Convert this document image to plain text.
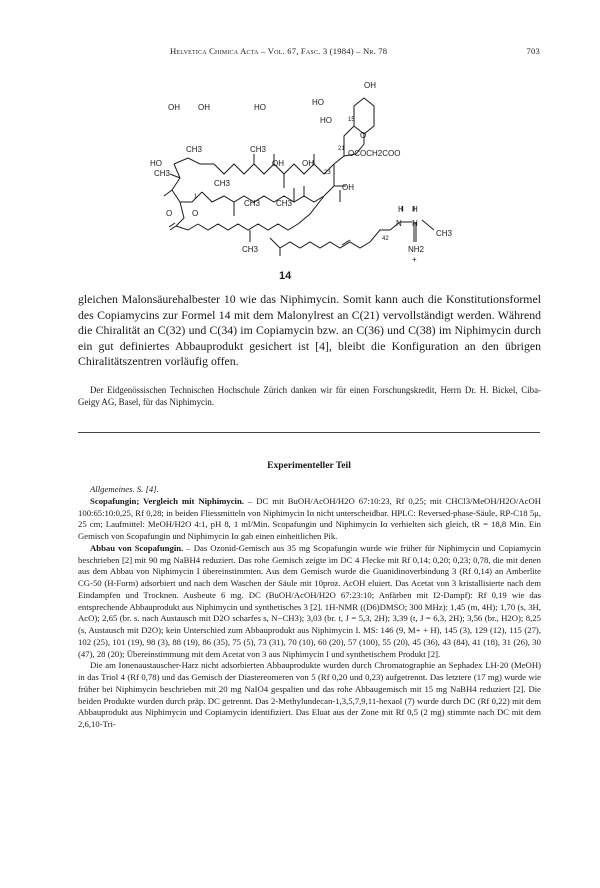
Helvetica Chimica Acta – Vol. 67, Fasc. 3 (1984) – Nr. 78	703
OH
HO
HO	15
O
OH OH	HO
CH3	CH3	21 OCOCH2COO
HO
CH3
OH OH
23
OH
CH3
1
O O
CH3 CH3
H H
N N
CH3
42
CH3	NH2
+
14

gleichen Malonsäurehalbester 10 wie das Niphimycin. Somit kann auch die Konstitutionsformel des Copiamycins zur Formel 14 mit dem Malonylrest an C(21) vervollständigt werden. Während die Chiralität an C(32) und C(34) im Copiamycin bzw. an C(36) und C(38) im Niphimycin durch ein gut definiertes Abbauprodukt gesichert ist [4], bleibt die Konfiguration an den übrigen Chiralitätszentren vorläufig offen.

Der Eidgenössischen Technischen Hochschule Zürich danken wir für einen Forschungskredit, Herrn Dr. H. Bickel, Ciba-Geigy AG, Basel, für das Niphimycin.

Experimenteller Teil

Allgemeines. S. [4].

Scopafungin; Vergleich mit Niphimycin. – DC mit BuOH/AcOH/H2O 67:10:23, Rf 0,25; mit CHCl3/MeOH/H2O/AcOH 100:65:10:0,25, Rf 0,28; in beiden Fliessmitteln von Niphimycin Iα nicht unterscheidbar. HPLC: Reversed-phase-Säule, RP-C18 5μ, 25 cm; Laufmittel: MeOH/H2O 4:1, pH 8, 1 ml/Min. Scopafungin und Niphimycin Iα verhielten sich gleich, tR = 18,8 Min. Ein Gemisch von Scopafungin und Niphimycin Iα gab einen einheitlichen Pik.

Abbau von Scopafungin. – Das Ozonid-Gemisch aus 35 mg Scopafungin wurde wie früher für Niphimycin und Copiamycin beschrieben [2] mit 90 mg NaBH4 reduziert. Das rohe Gemisch zeigte im DC 4 Flecke mit Rf 0,14; 0,20; 0,23; 0,78, die mit denen aus dem Abbau von Niphimycin I übereinstimmten. Aus dem Gemisch wurde die Guanidinoverbindung 3 (Rf 0,14) an Amberlite CG-50 (H-Form) adsorbiert und nach dem Waschen der Säule mit 10proz. AcOH eluiert. Das Acetat von 3 kristallisierte nach dem Eindampfen und Trocknen. Ausbeute 6 mg. DC (BuOH/AcOH/H2O 67:23:10; Anfärben mit I2-Dampf): Rf 0,19 wie das entsprechende Abbauprodukt aus Niphimycin und synthetisches 3 [2]. 1H-NMR ((D6)DMSO; 300 MHz): 1,45 (m, 4H); 1,70 (s, 3H, AcO); 2,65 (br. s. nach Austausch mit D2O scharfes s, N−CH3); 3,03 (br. t, J = 5,3, 2H); 3,39 (t, J = 6,3, 2H); 3,56 (br., H2O); 8,25 (s, Austausch mit D2O); kein Unterschied zum Abbauprodukt aus Niphimycin I. MS: 146 (9, M+ + H), 145 (3), 129 (12), 115 (27), 102 (25), 101 (19), 98 (3), 88 (19), 86 (35), 75 (5), 73 (31), 70 (10), 60 (20), 57 (100), 55 (20), 45 (36), 43 (84), 41 (18), 31 (26), 30 (47), 28 (20); Übereinstimmung mit dem Acetat von 3 aus Niphimycin I und synthetischem Produkt [2].

Die am Ionenaustauscher-Harz nicht adsorbierten Abbauprodukte wurden durch Chromatographie an Sephadex LH-20 (MeOH) in das Triol 4 (Rf 0,78) und das Gemisch der Diastereomeren von 5 (Rf 0,20 und 0,23) aufgetrennt. Das letztere (17 mg) wurde wie früher bei Niphimycin beschrieben mit 20 mg NaIO4 gespalten und das rohe Abbaugemisch mit 15 mg NaBH4 reduziert [2]. Die beiden Produkte wurden durch präp. DC getrennt. Das 2-Methylundecan-1,3,5,7,9,11-hexaol (7) wurde durch DC (Rf 0,22) mit dem Abbauprodukt aus Niphimycin und Copiamycin identifiziert. Das Eluat aus der Zone mit Rf 0,5 (2 mg) stimmte nach DC mit dem 2,6,10-Tri-
